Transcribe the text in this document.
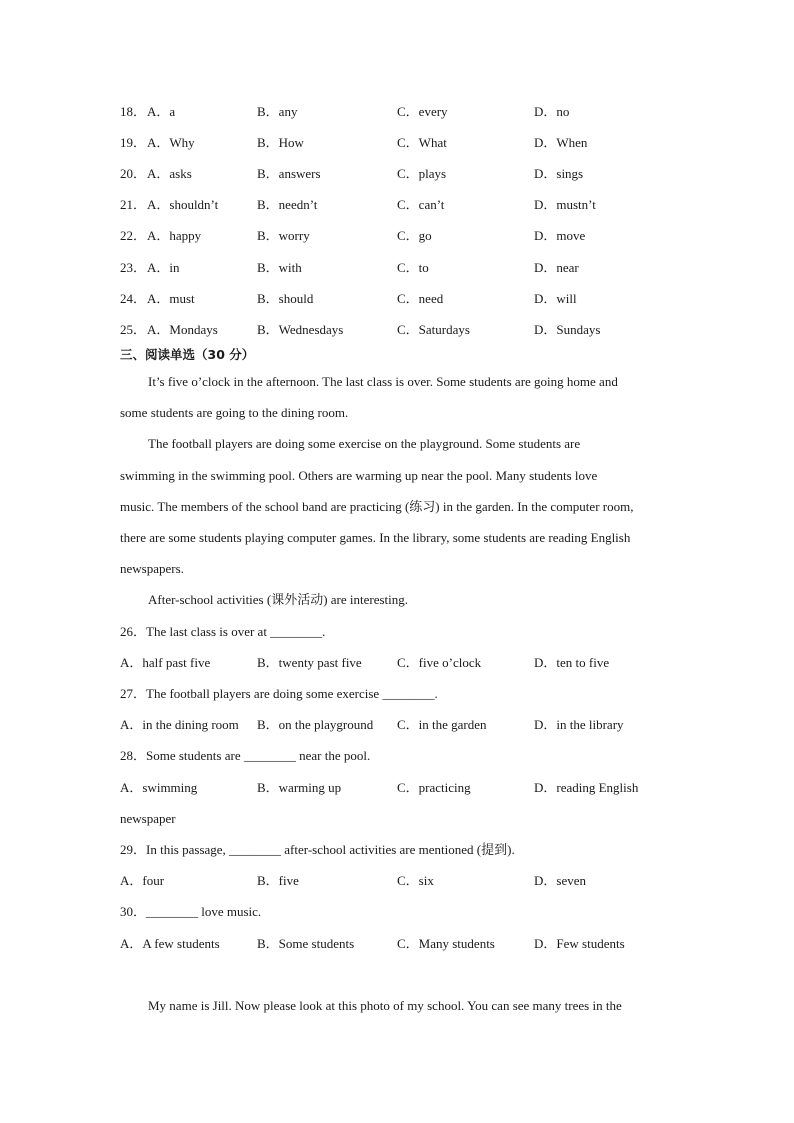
18． A．a	B．any	C．every	D．no
19． A．Why	B．How	C．What	D．When
20． A．asks	B．answers	C．plays	D．sings
21． A．shouldn’t	B．needn’t	C．can’t	D．mustn’t
22． A．happy	B．worry	C．go	D．move
23． A．in	B．with	C．to	D．near
24． A．must	B．should	C．need	D．will
25． A．Mondays	B．Wednesdays	C．Saturdays	D．Sundays
三、阅读单选（30 分）
It’s five o’clock in the afternoon. The last class is over. Some students are going home and
some students are going to the dining room.
The football players are doing some exercise on the playground. Some students are
swimming in the swimming pool. Others are warming up near the pool. Many students love
music. The members of the school band are practicing (练习) in the garden. In the computer room,
there are some students playing computer games. In the library, some students are reading English
newspapers.
After-school activities (课外活动) are interesting.
26．The last class is over at ________.
A．half past five	B．twenty past five	C．five o’clock	D．ten to five
27．The football players are doing some exercise ________.
A．in the dining room B．on the playground C．in the garden	D．in the library
28．Some students are ________ near the pool.
A．swimming	B．warming up	C．practicing	D．reading English
newspaper
29．In this passage, ________ after-school activities are mentioned (提到).
A．four	B．five	C．six	D．seven
30．________ love music.
A．A few students	B．Some students	C．Many students	D．Few students
My name is Jill. Now please look at this photo of my school. You can see many trees in the
